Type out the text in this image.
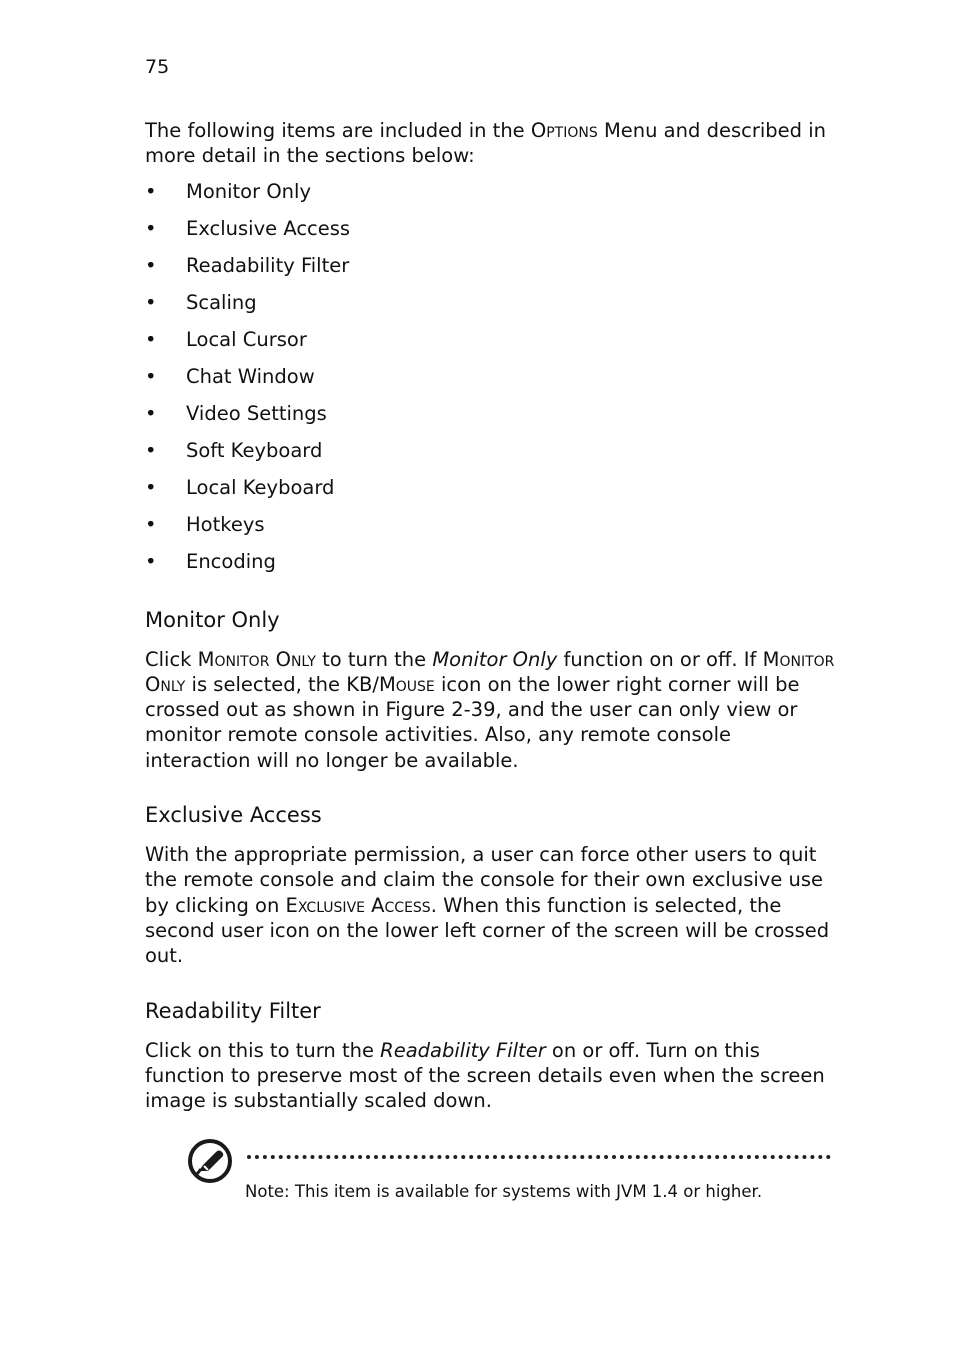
75

The following items are included in the Options Menu and described in more detail in the sections below:

• Monitor Only
• Exclusive Access
• Readability Filter
• Scaling
• Local Cursor
• Chat Window
• Video Settings
• Soft Keyboard
• Local Keyboard
• Hotkeys
• Encoding
Monitor Only

Click Monitor Only to turn the Monitor Only function on or off. If Monitor Only is selected, the KB/Mouse icon on the lower right corner will be crossed out as shown in Figure 2-39, and the user can only view or monitor remote console activities. Also, any remote console interaction will no longer be available.

Exclusive Access

With the appropriate permission, a user can force other users to quit the remote console and claim the console for their own exclusive use by clicking on Exclusive Access. When this function is selected, the second user icon on the lower left corner of the screen will be crossed out.

Readability Filter

Click on this to turn the Readability Filter on or off. Turn on this function to preserve most of the screen details even when the screen image is substantially scaled down.

Note: This item is available for systems with JVM 1.4 or higher.
